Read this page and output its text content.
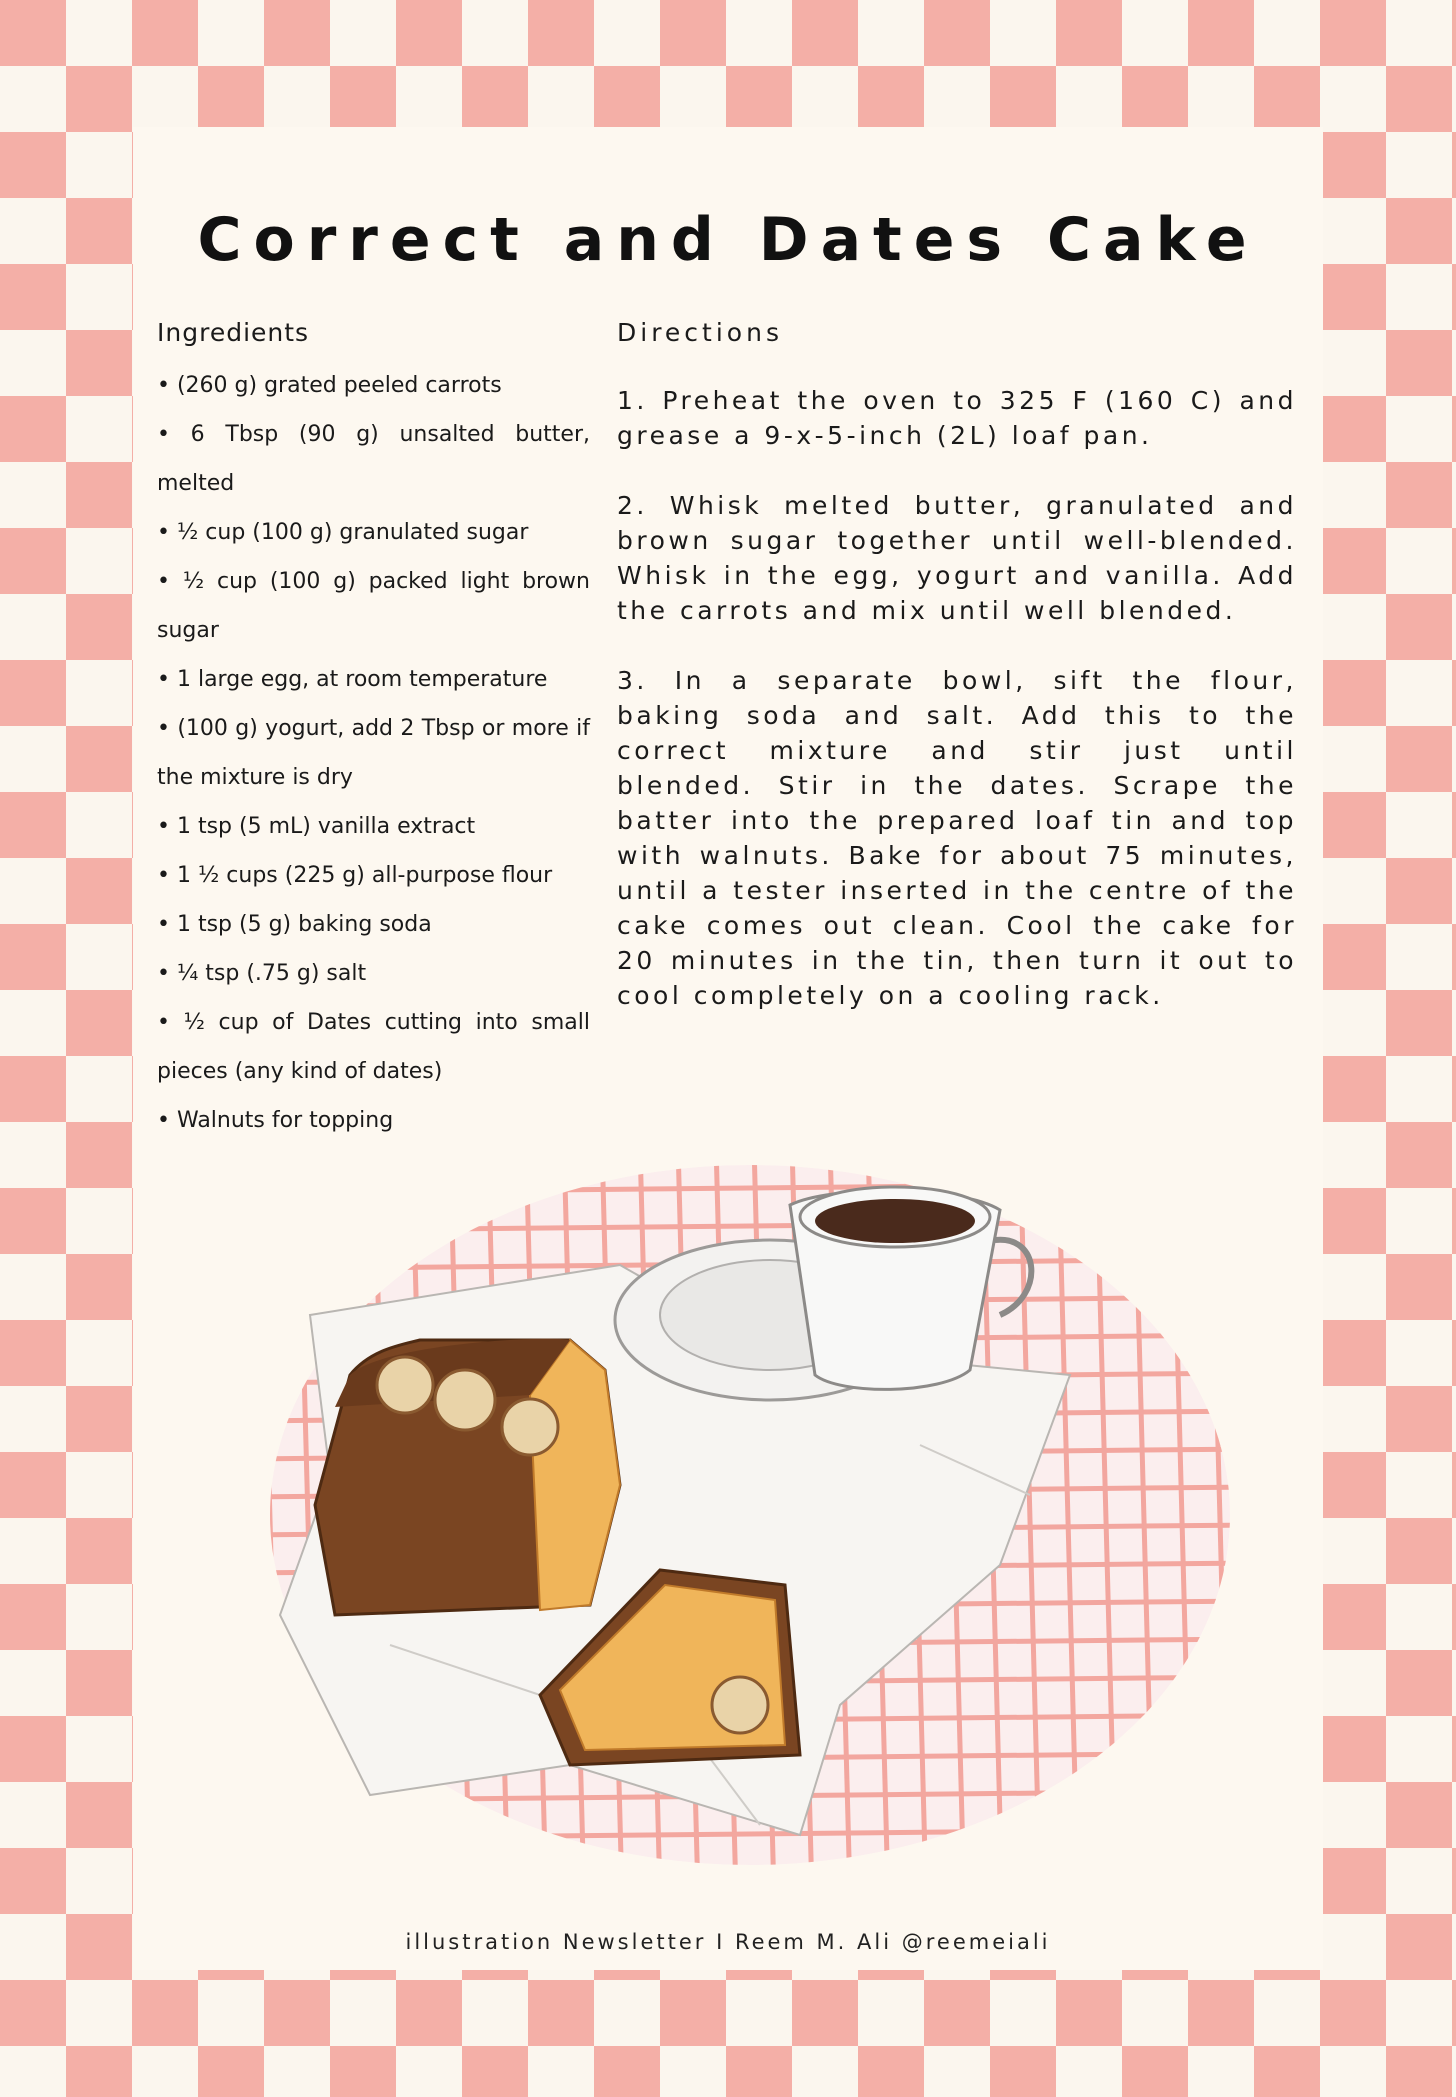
Correct and Dates Cake
Ingredients
• (260 g) grated peeled carrots
• 6 Tbsp (90 g) unsalted butter, melted
• ½ cup (100 g) granulated sugar
• ½ cup (100 g) packed light brown sugar
• 1 large egg, at room temperature
• (100 g) yogurt, add 2 Tbsp or more if the mixture is dry
• 1 tsp (5 mL) vanilla extract
• 1 ½ cups (225 g) all-purpose flour
• 1 tsp (5 g) baking soda
• ¼ tsp (.75 g) salt
• ½ cup of Dates cutting into small pieces (any kind of dates)
• Walnuts for topping
Directions

1. Preheat the oven to 325 F (160 C) and grease a 9-x-5-inch (2L) loaf pan.

2. Whisk melted butter, granulated and brown sugar together until well-blended. Whisk in the egg, yogurt and vanilla. Add the carrots and mix until well blended.

3. In a separate bowl, sift the flour, baking soda and salt. Add this to the correct mixture and stir just until blended. Stir in the dates. Scrape the batter into the prepared loaf tin and top with walnuts. Bake for about 75 minutes, until a tester inserted in the centre of the cake comes out clean. Cool the cake for 20 minutes in the tin, then turn it out to cool completely on a cooling rack.

illustration Newsletter I Reem M. Ali @reemeiali
